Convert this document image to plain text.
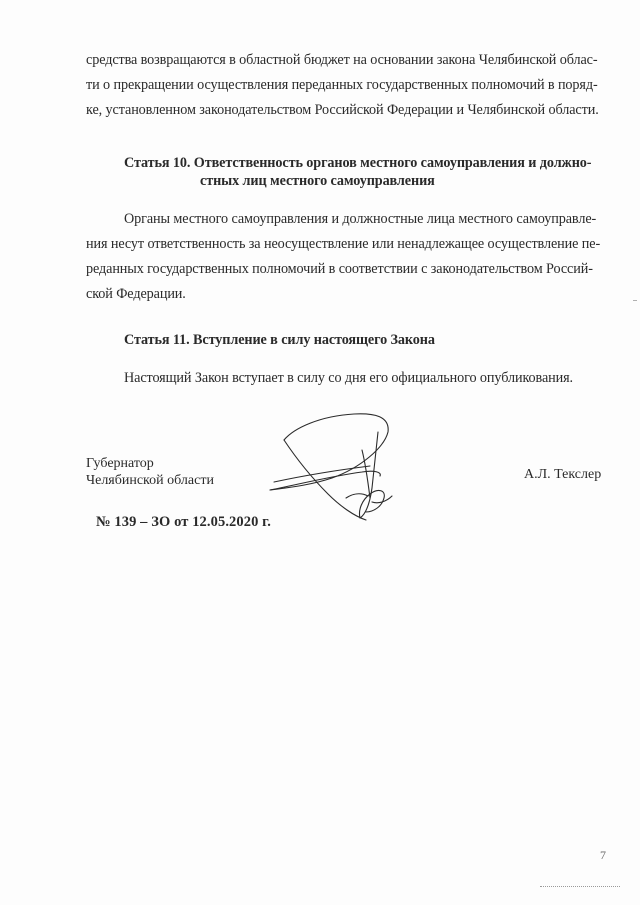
средства возвращаются в областной бюджет на основании закона Челябинской облас-
ти о прекращении осуществления переданных государственных полномочий в поряд-
ке, установленном законодательством Российской Федерации и Челябинской области.
Статья 10. Ответственность органов местного самоуправления и должно-
стных лиц местного самоуправления
Органы местного самоуправления и должностные лица местного самоуправле-
ния несут ответственность за неосуществление или ненадлежащее осуществление пе-
реданных государственных полномочий в соответствии с законодательством Россий-
ской Федерации.
Статья 11. Вступление в силу настоящего Закона
Настоящий Закон вступает в силу со дня его официального опубликования.
Губернатор
Челябинской области	А.Л. Текслер
№ 139 – ЗО от 12.05.2020 г.
7
